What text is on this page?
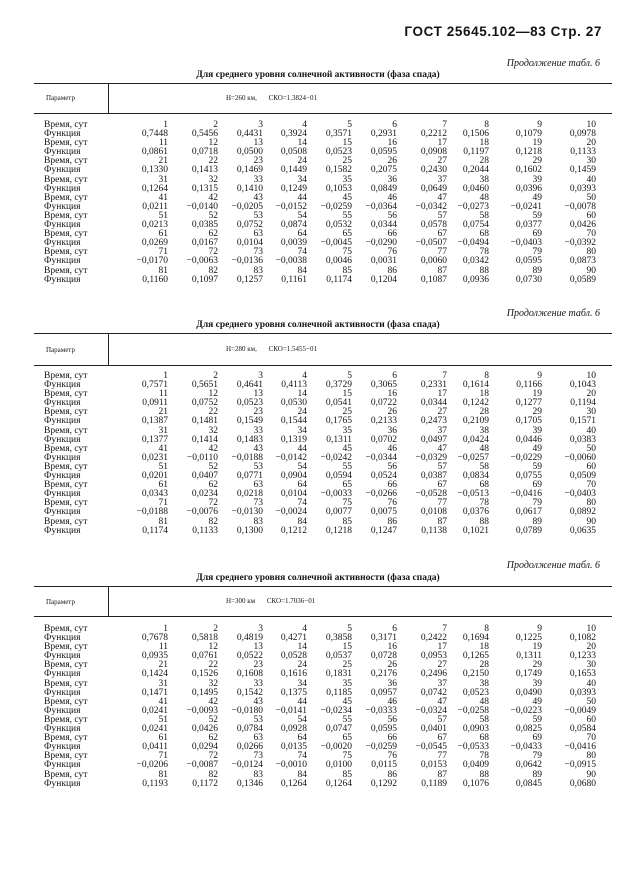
ГОСТ 25645.102—83 Стр. 27
Продолжение табл. 6
Для среднего уровня солнечной активности (фаза спада)
Параметр	H=260 км, СКО=1.3824−01
Время, сут	1	2	3	4	5	6	7	8	9	10
Функция	0,7448	0,5456	0,4431	0,3924	0,3571	0,2931	0,2212	0,1506	0,1079	0,0978
Время, сут	11	12	13	14	15	16	17	18	19	20
Функция	0,0861	0,0718	0,0500	0,0508	0,0523	0,0595	0,0908	0,1197	0,1218	0,1133
Время, сут	21	22	23	24	25	26	27	28	29	30
Функция	0,1330	0,1413	0,1469	0,1449	0,1582	0,2075	0,2430	0,2044	0,1602	0,1459
Время, сут	31	32	33	34	35	36	37	38	39	40
Функция	0,1264	0,1315	0,1410	0,1249	0,1053	0,0849	0,0649	0,0460	0,0396	0,0393
Время, сут	41	42	43	44	45	46	47	48	49	50
Функция	0,0211	−0,0140	−0,0205	−0,0152	−0,0259	−0,0364	−0,0342	−0,0273	−0,0241	−0,0078
Время, сут	51	52	53	54	55	56	57	58	59	60
Функция	0,0213	0,0385	0,0752	0,0874	0,0532	0,0344	0,0578	0,0754	0,0377	0,0426
Время, сут	61	62	63	64	65	66	67	68	69	70
Функция	0,0269	0,0167	0,0104	0,0039	−0,0045	−0,0290	−0,0507	−0,0494	−0,0403	−0,0392
Время, сут	71	72	73	74	75	76	77	78	79	80
Функция	−0,0170	−0,0063	−0,0136	−0,0038	0,0046	0,0031	0,0060	0,0342	0,0595	0,0873
Время, сут	81	82	83	84	85	86	87	88	89	90
Функция	0,1160	0,1097	0,1257	0,1161	0,1174	0,1204	0,1087	0,0936	0,0730	0,0589
Продолжение табл. 6
Для среднего уровня солнечной активности (фаза спада)
Параметр	H=280 км, СКО=1.5455−01
Время, сут	1	2	3	4	5	6	7	8	9	10
Функция	0,7571	0,5651	0,4641	0,4113	0,3729	0,3065	0,2331	0,1614	0,1166	0,1043
Время, сут	11	12	13	14	15	16	17	18	19	20
Функция	0,0911	0,0752	0,0523	0,0530	0,0541	0,0722	0,0344	0,1242	0,1277	0,1194
Время, сут	21	22	23	24	25	26	27	28	29	30
Функция	0,1387	0,1481	0,1549	0,1544	0,1765	0,2133	0,2473	0,2109	0,1705	0,1571
Время, сут	31	32	33	34	35	36	37	38	39	40
Функция	0,1377	0,1414	0,1483	0,1319	0,1311	0,0702	0,0497	0,0424	0,0446	0,0383
Время, сут	41	42	43	44	45	46	47	48	49	50
Функция	0,0231	−0,0110	−0,0188	−0,0142	−0,0242	−0,0344	−0,0329	−0,0257	−0,0229	−0,0060
Время, сут	51	52	53	54	55	56	57	58	59	60
Функция	0,0201	0,0407	0,0771	0,0904	0,0594	0,0524	0,0387	0,0834	0,0755	0,0509
Время, сут	61	62	63	64	65	66	67	68	69	70
Функция	0,0343	0,0234	0,0218	0,0104	−0,0033	−0,0266	−0,0528	−0,0513	−0,0416	−0,0403
Время, сут	71	72	73	74	75	76	77	78	79	80
Функция	−0,0188	−0,0076	−0,0130	−0,0024	0,0077	0,0075	0,0108	0,0376	0,0617	0,0892
Время, сут	81	82	83	84	85	86	87	88	89	90
Функция	0,1174	0,1133	0,1300	0,1212	0,1218	0,1247	0,1138	0,1021	0,0789	0,0635
Продолжение табл. 6
Для среднего уровня солнечной активности (фаза спада)
Параметр	H=300 км СКО=1.7036−01
Время, сут	1	2	3	4	5	6	7	8	9	10
Функция	0,7678	0,5818	0,4819	0,4271	0,3858	0,3171	0,2422	0,1694	0,1225	0,1082
Время, сут	11	12	13	14	15	16	17	18	19	20
Функция	0,0935	0,0761	0,0522	0,0528	0,0537	0,0728	0,0953	0,1265	0,1311	0,1233
Время, сут	21	22	23	24	25	26	27	28	29	30
Функция	0,1424	0,1526	0,1608	0,1616	0,1831	0,2176	0,2496	0,2150	0,1749	0,1653
Время, сут	31	32	33	34	35	36	37	38	39	40
Функция	0,1471	0,1495	0,1542	0,1375	0,1185	0,0957	0,0742	0,0523	0,0490	0,0393
Время, сут	41	42	43	44	45	46	47	48	49	50
Функция	0,0241	−0,0093	−0,0180	−0,0141	−0,0234	−0,0333	−0,0324	−0,0258	−0,0223	−0,0049
Время, сут	51	52	53	54	55	56	57	58	59	60
Функция	0,0241	0,0426	0,0784	0,0928	0,0747	0,0595	0,0401	0,0903	0,0825	0,0584
Время, сут	61	62	63	64	65	66	67	68	69	70
Функция	0,0411	0,0294	0,0266	0,0135	−0,0020	−0,0259	−0,0545	−0,0533	−0,0433	−0,0416
Время, сут	71	72	73	74	75	76	77	78	79	80
Функция	−0,0206	−0,0087	−0,0124	−0,0010	0,0100	0,0115	0,0153	0,0409	0,0642	−0,0915
Время, сут	81	82	83	84	85	86	87	88	89	90
Функция	0,1193	0,1172	0,1346	0,1264	0,1264	0,1292	0,1189	0,1076	0,0845	0,0680
